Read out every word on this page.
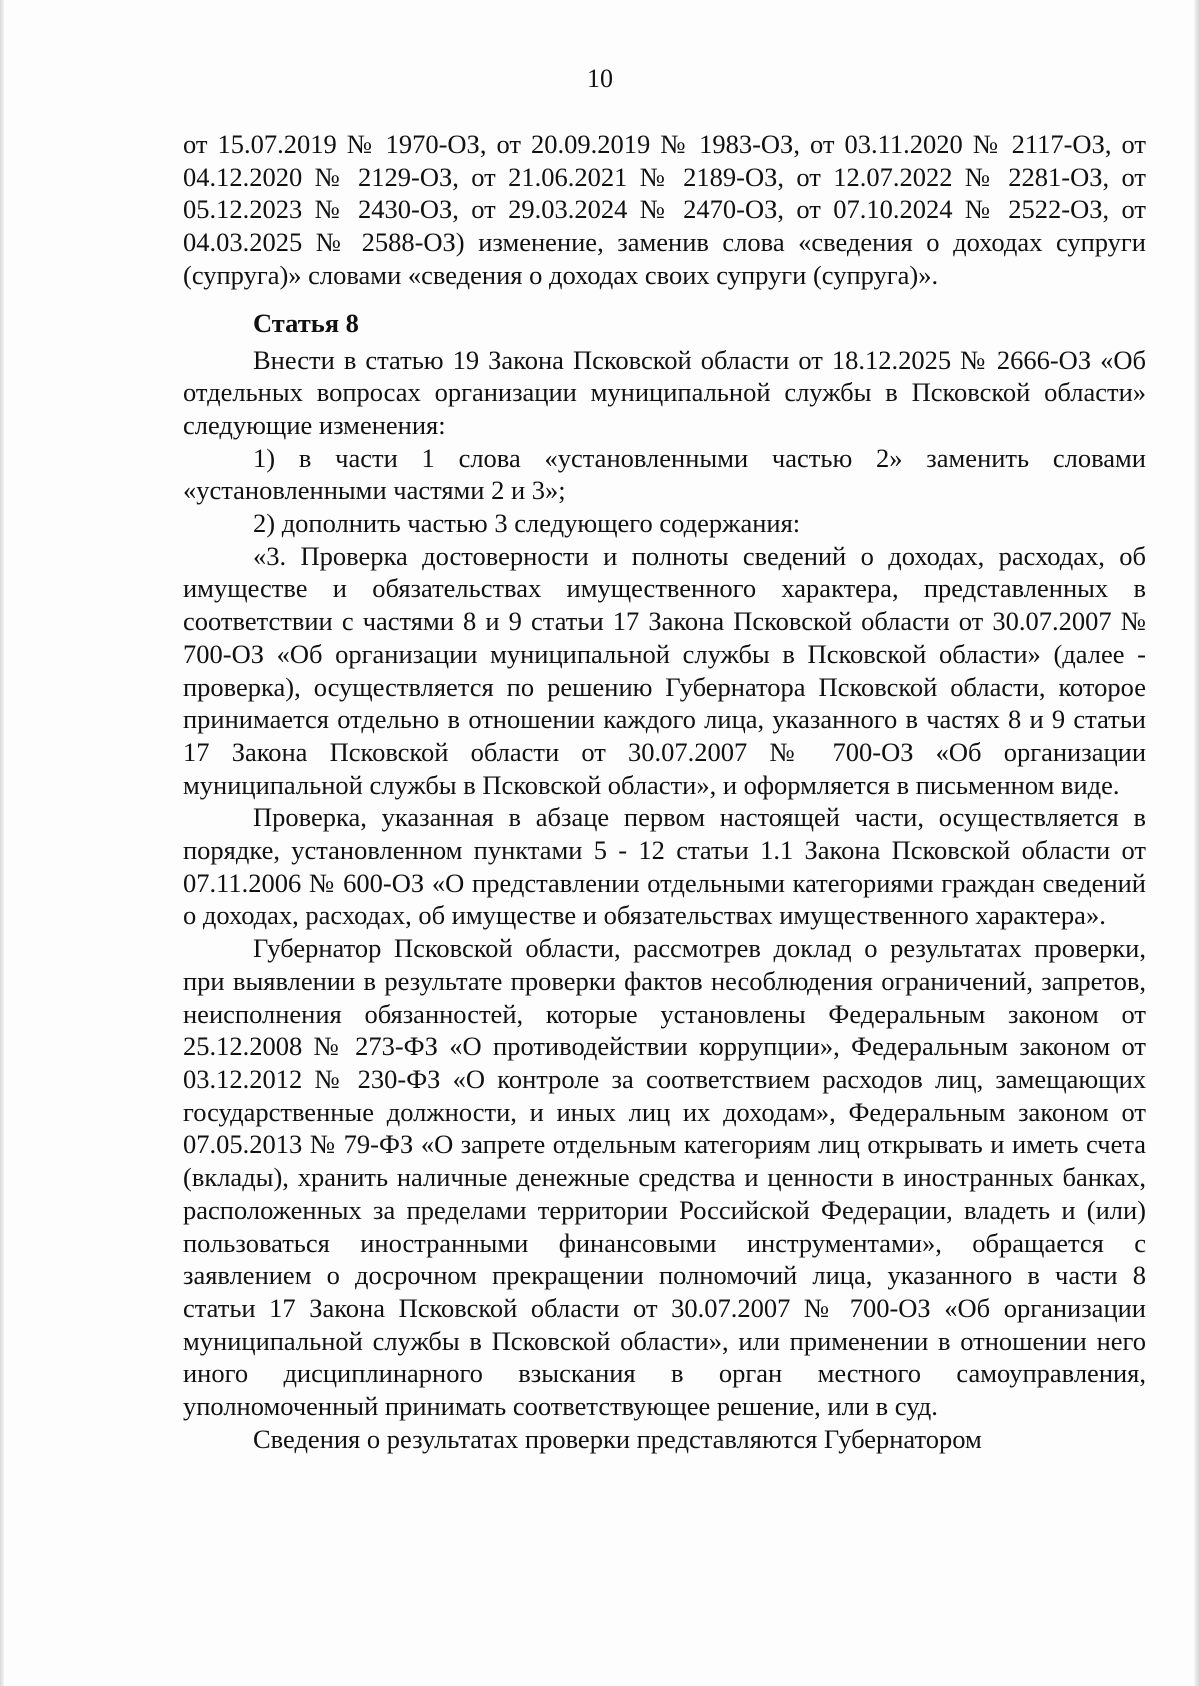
10

от 15.07.2019 № 1970-ОЗ, от 20.09.2019 № 1983-ОЗ, от 03.11.2020 № 2117-ОЗ, от 04.12.2020 № 2129-ОЗ, от 21.06.2021 № 2189-ОЗ, от 12.07.2022 № 2281-ОЗ, от 05.12.2023 № 2430-ОЗ, от 29.03.2024 № 2470-ОЗ, от 07.10.2024 № 2522-ОЗ, от 04.03.2025 № 2588-ОЗ) изменение, заменив слова «сведения о доходах супруги (супруга)» словами «сведения о доходах своих супруги (супруга)».

Статья 8

Внести в статью 19 Закона Псковской области от 18.12.2025 № 2666-ОЗ «Об отдельных вопросах организации муниципальной службы в Псковской области» следующие изменения:

1) в части 1 слова «установленными частью 2» заменить словами «установленными частями 2 и 3»;

2) дополнить частью 3 следующего содержания:

«3. Проверка достоверности и полноты сведений о доходах, расходах, об имуществе и обязательствах имущественного характера, представленных в соответствии с частями 8 и 9 статьи 17 Закона Псковской области от 30.07.2007 № 700-ОЗ «Об организации муниципальной службы в Псковской области» (далее - проверка), осуществляется по решению Губернатора Псковской области, которое принимается отдельно в отношении каждого лица, указанного в частях 8 и 9 статьи 17 Закона Псковской области от 30.07.2007 № 700-ОЗ «Об организации муниципальной службы в Псковской области», и оформляется в письменном виде.

Проверка, указанная в абзаце первом настоящей части, осуществляется в порядке, установленном пунктами 5 - 12 статьи 1.1 Закона Псковской области от 07.11.2006 № 600-ОЗ «О представлении отдельными категориями граждан сведений о доходах, расходах, об имуществе и обязательствах имущественного характера».

Губернатор Псковской области, рассмотрев доклад о результатах проверки, при выявлении в результате проверки фактов несоблюдения ограничений, запретов, неисполнения обязанностей, которые установлены Федеральным законом от 25.12.2008 № 273-ФЗ «О противодействии коррупции», Федеральным законом от 03.12.2012 № 230-ФЗ «О контроле за соответствием расходов лиц, замещающих государственные должности, и иных лиц их доходам», Федеральным законом от 07.05.2013 № 79-ФЗ «О запрете отдельным категориям лиц открывать и иметь счета (вклады), хранить наличные денежные средства и ценности в иностранных банках, расположенных за пределами территории Российской Федерации, владеть и (или) пользоваться иностранными финансовыми инструментами», обращается с заявлением о досрочном прекращении полномочий лица, указанного в части 8 статьи 17 Закона Псковской области от 30.07.2007 № 700-ОЗ «Об организации муниципальной службы в Псковской области», или применении в отношении него иного дисциплинарного взыскания в орган местного самоуправления, уполномоченный принимать соответствующее решение, или в суд.

Сведения о результатах проверки представляются Губернатором
